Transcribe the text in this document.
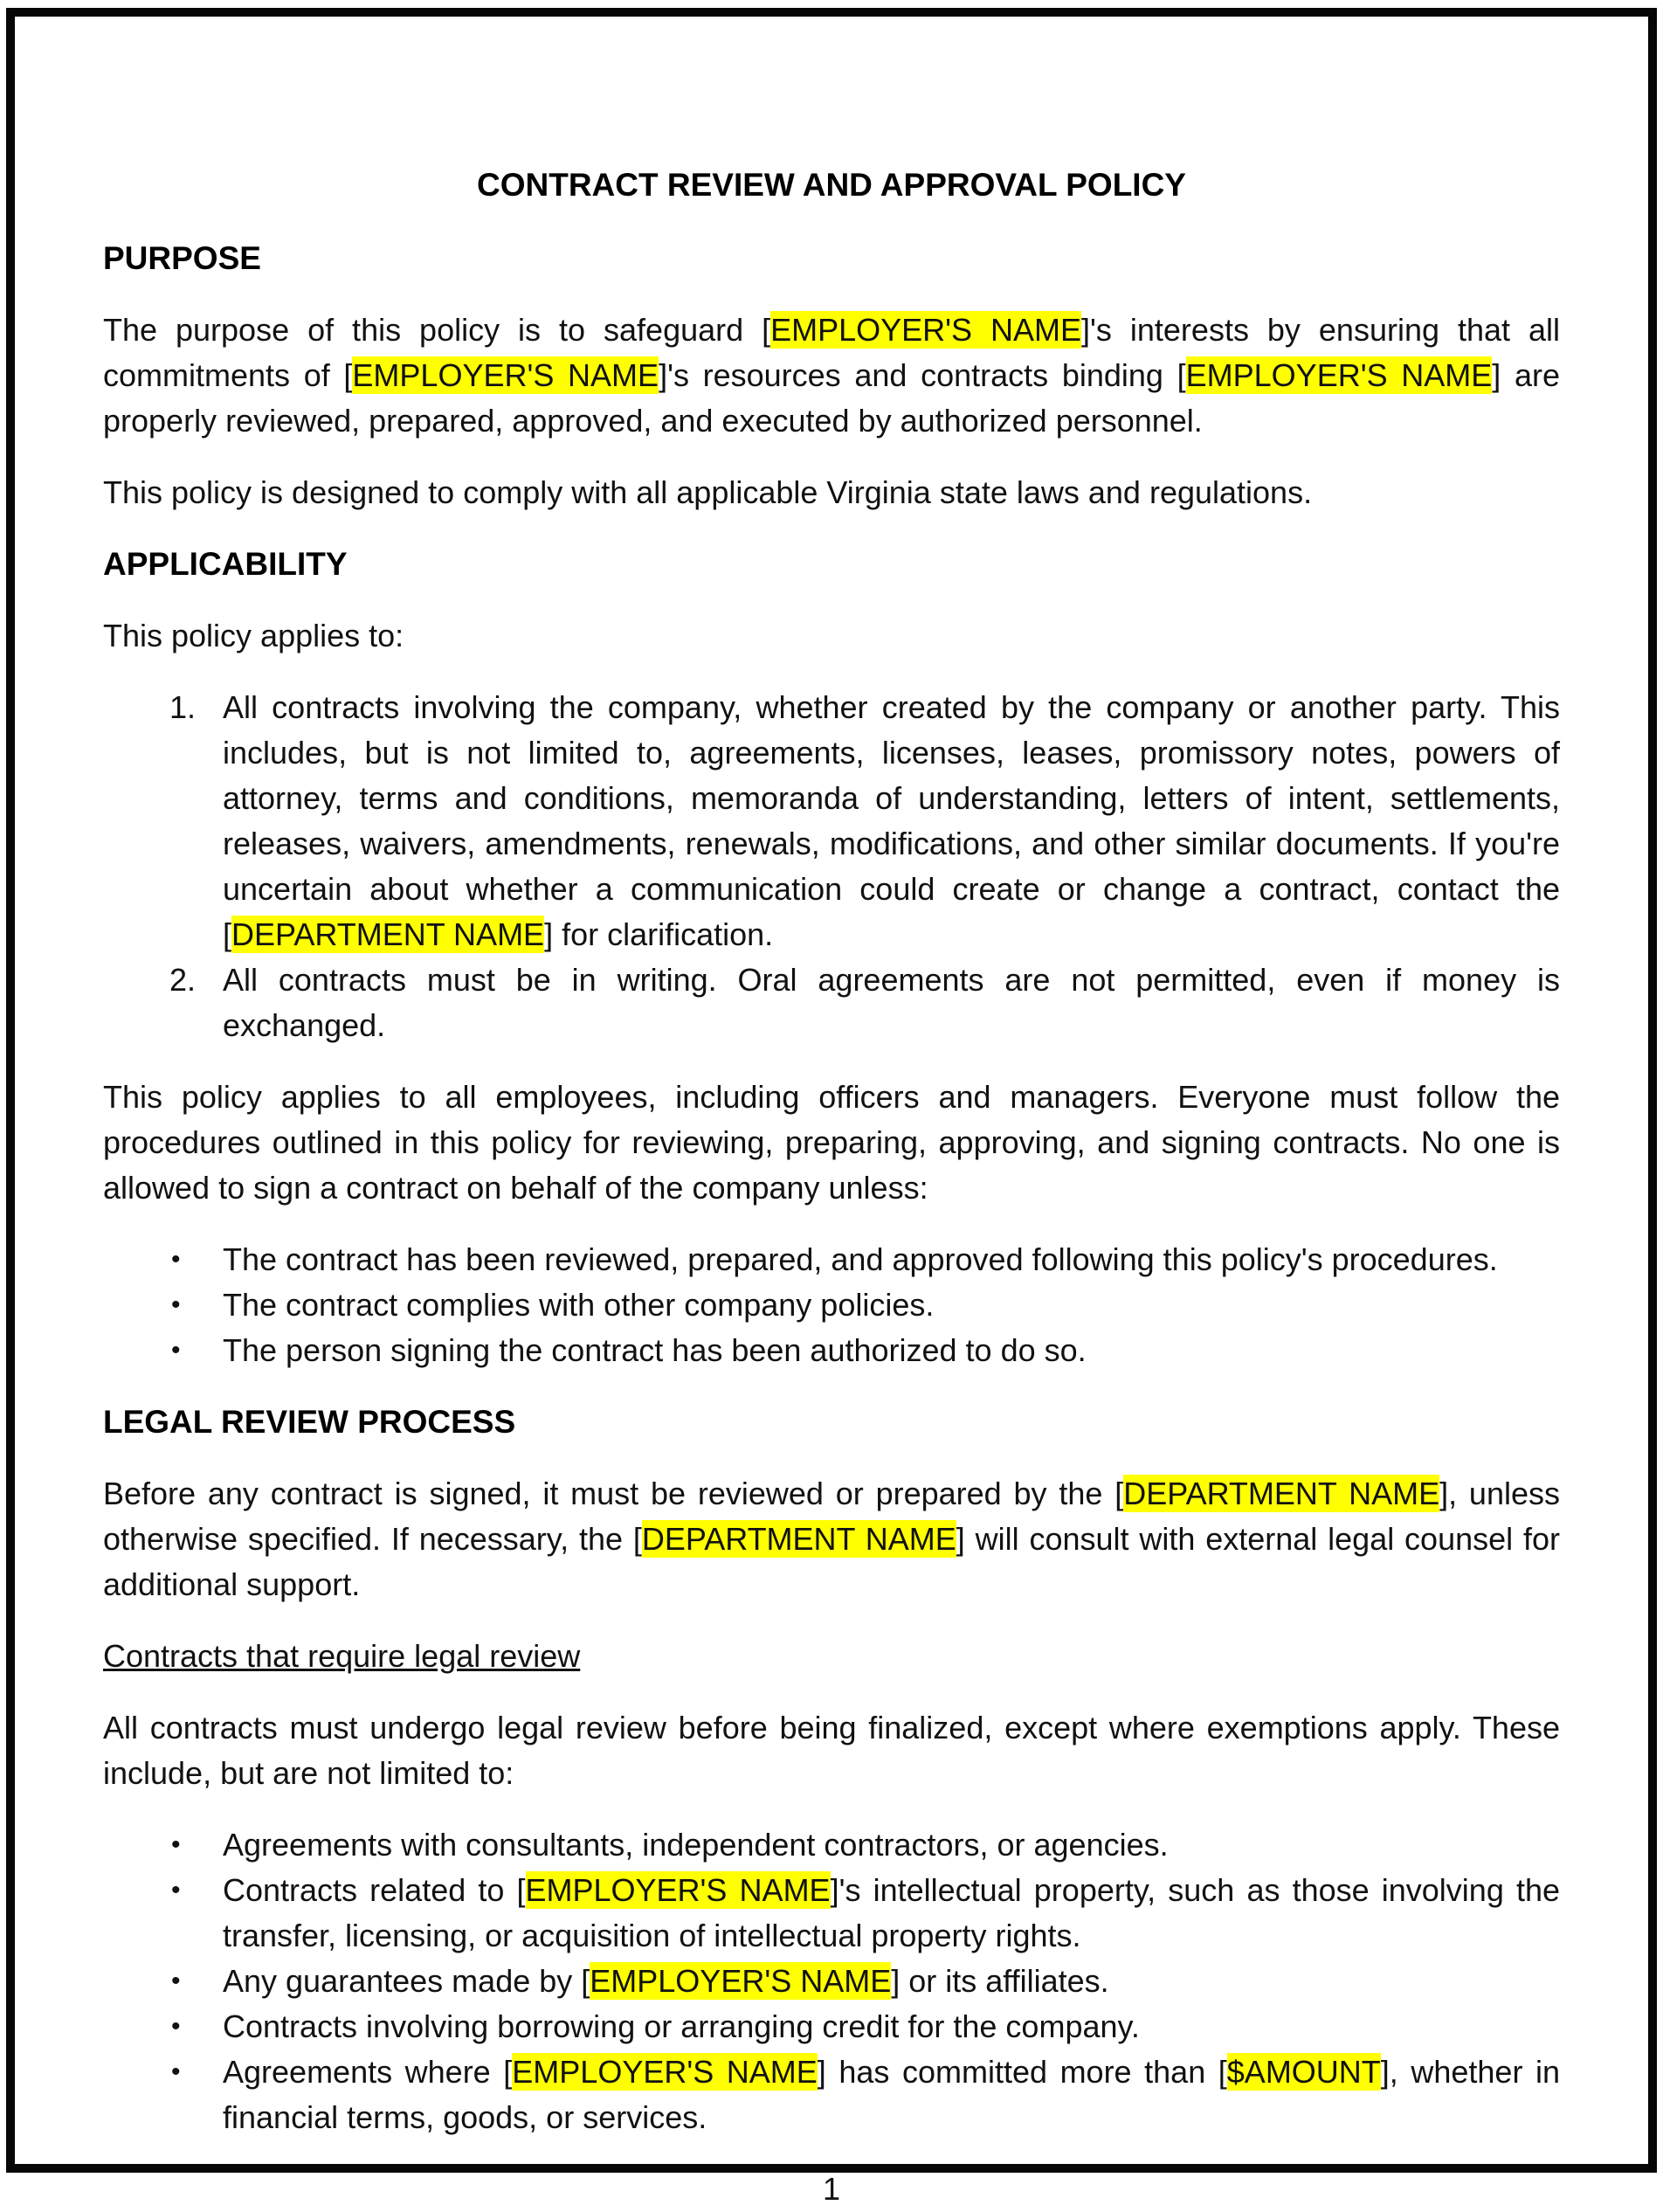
CONTRACT REVIEW AND APPROVAL POLICY
PURPOSE

The purpose of this policy is to safeguard [EMPLOYER'S NAME]'s interests by ensuring that all commitments of [EMPLOYER'S NAME]'s resources and contracts binding [EMPLOYER'S NAME] are properly reviewed, prepared, approved, and executed by authorized personnel.

This policy is designed to comply with all applicable Virginia state laws and regulations.

APPLICABILITY

This policy applies to:

1. All contracts involving the company, whether created by the company or another party. This includes, but is not limited to, agreements, licenses, leases, promissory notes, powers of attorney, terms and conditions, memoranda of understanding, letters of intent, settlements, releases, waivers, amendments, renewals, modifications, and other similar documents. If you're uncertain about whether a communication could create or change a contract, contact the [DEPARTMENT NAME] for clarification.
2. All contracts must be in writing. Oral agreements are not permitted, even if money is exchanged.

This policy applies to all employees, including officers and managers. Everyone must follow the procedures outlined in this policy for reviewing, preparing, approving, and signing contracts. No one is allowed to sign a contract on behalf of the company unless:

• The contract has been reviewed, prepared, and approved following this policy's procedures.
• The contract complies with other company policies.
• The person signing the contract has been authorized to do so.
LEGAL REVIEW PROCESS

Before any contract is signed, it must be reviewed or prepared by the [DEPARTMENT NAME], unless otherwise specified. If necessary, the [DEPARTMENT NAME] will consult with external legal counsel for additional support.

Contracts that require legal review

All contracts must undergo legal review before being finalized, except where exemptions apply. These include, but are not limited to:

• Agreements with consultants, independent contractors, or agencies.
• Contracts related to [EMPLOYER'S NAME]'s intellectual property, such as those involving the transfer, licensing, or acquisition of intellectual property rights.
• Any guarantees made by [EMPLOYER'S NAME] or its affiliates.
• Contracts involving borrowing or arranging credit for the company.
• Agreements where [EMPLOYER'S NAME] has committed more than [$AMOUNT], whether in financial terms, goods, or services.
1
